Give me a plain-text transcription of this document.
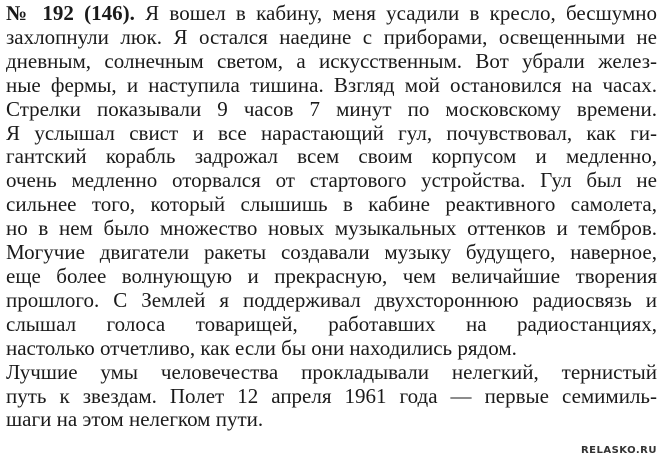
№ 192 (146). Я вошел в кабину, меня усадили в кресло, бесшумно
захлопнули люк. Я остался наедине с приборами, освещенными не
дневным, солнечным светом, а искусственным. Вот убрали желез-
ные фермы, и наступила тишина. Взгляд мой остановился на часах.
Стрелки показывали 9 часов 7 минут по московскому времени.
Я услышал свист и все нарастающий гул, почувствовал, как ги-
гантский корабль задрожал всем своим корпусом и медленно,
очень медленно оторвался от стартового устройства. Гул был не
сильнее того, который слышишь в кабине реактивного самолета,
но в нем было множество новых музыкальных оттенков и тембров.
Могучие двигатели ракеты создавали музыку будущего, наверное,
еще более волнующую и прекрасную, чем величайшие творения
прошлого. С Землей я поддерживал двухстороннюю радиосвязь и
слышал голоса товарищей, работавших на радиостанциях,
настолько отчетливо, как если бы они находились рядом.

Лучшие умы человечества прокладывали нелегкий, тернистый
путь к звездам. Полет 12 апреля 1961 года — первые семимиль-
шаги на этом нелегком пути.

RELASKO.RU
